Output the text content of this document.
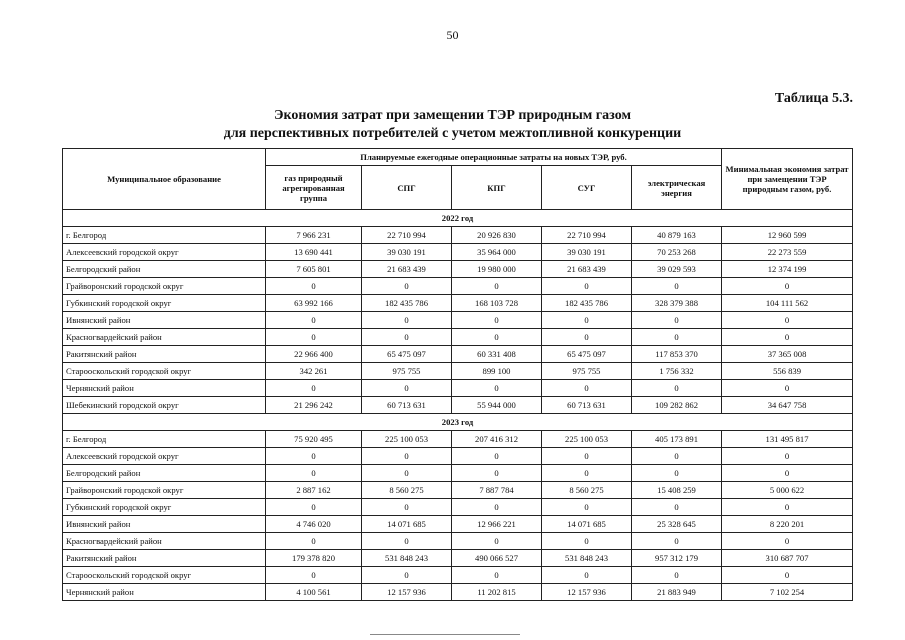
50
Таблица 5.3.
Экономия затрат при замещении ТЭР природным газом
для перспективных потребителей с учетом межтопливной конкуренции
Муниципальное образование	Планируемые ежегодные операционные затраты на новых ТЭР, руб.					Минимальная экономия затрат при замещении ТЭР природным газом, руб.
	газ природный агрегированная группа	СПГ	КПГ	СУГ	электрическая энергия	
2022 год						
г. Белгород	7 966 231	22 710 994	20 926 830	22 710 994	40 879 163	12 960 599
Алексеевский городской округ	13 690 441	39 030 191	35 964 000	39 030 191	70 253 268	22 273 559
Белгородский район	7 605 801	21 683 439	19 980 000	21 683 439	39 029 593	12 374 199
Грайворонский городской округ	0	0	0	0	0	0
Губкинский городской округ	63 992 166	182 435 786	168 103 728	182 435 786	328 379 388	104 111 562
Ивнянский район	0	0	0	0	0	0
Красногвардейский район	0	0	0	0	0	0
Ракитянский район	22 966 400	65 475 097	60 331 408	65 475 097	117 853 370	37 365 008
Старооскольский городской округ	342 261	975 755	899 100	975 755	1 756 332	556 839
Чернянский район	0	0	0	0	0	0
Шебекинский городской округ	21 296 242	60 713 631	55 944 000	60 713 631	109 282 862	34 647 758
2023 год						
г. Белгород	75 920 495	225 100 053	207 416 312	225 100 053	405 173 891	131 495 817
Алексеевский городской округ	0	0	0	0	0	0
Белгородский район	0	0	0	0	0	0
Грайворонский городской округ	2 887 162	8 560 275	7 887 784	8 560 275	15 408 259	5 000 622
Губкинский городской округ	0	0	0	0	0	0
Ивнянский район	4 746 020	14 071 685	12 966 221	14 071 685	25 328 645	8 220 201
Красногвардейский район	0	0	0	0	0	0
Ракитянский район	179 378 820	531 848 243	490 066 527	531 848 243	957 312 179	310 687 707
Старооскольский городской округ	0	0	0	0	0	0
Чернянский район	4 100 561	12 157 936	11 202 815	12 157 936	21 883 949	7 102 254
